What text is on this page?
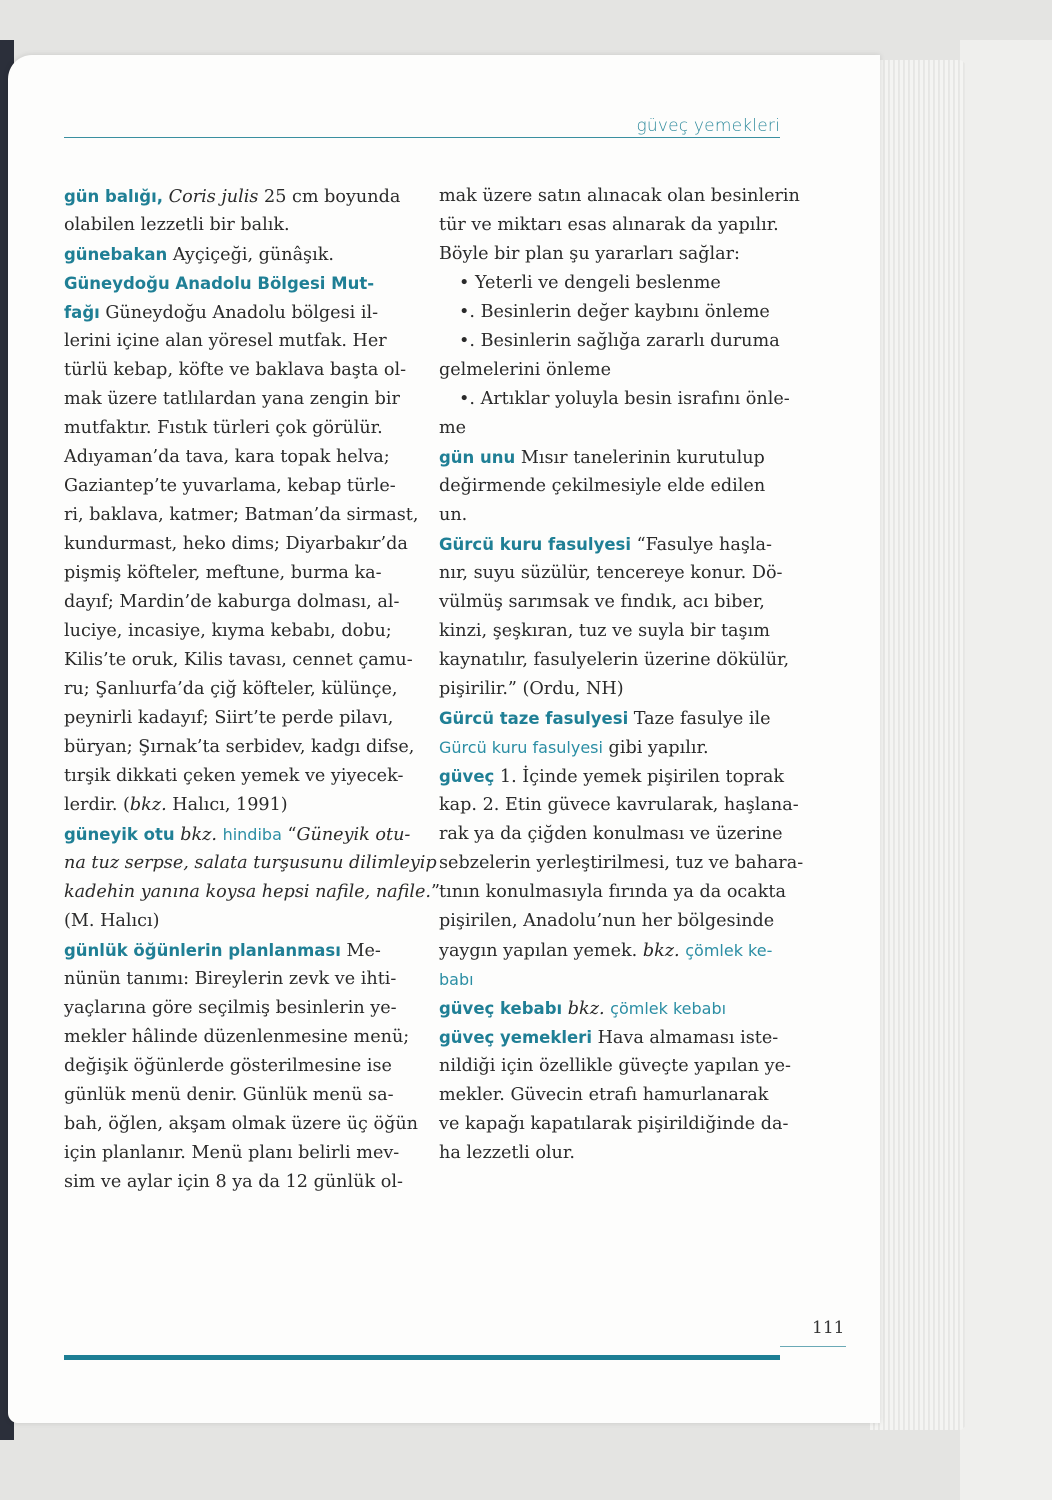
güveç yemekleri
gün balığı, Coris julis 25 cm boyunda
olabilen lezzetli bir balık.
günebakan Ayçiçeği, günâşık.
Güneydoğu Anadolu Bölgesi Mut-
fağı Güneydoğu Anadolu bölgesi il-
lerini içine alan yöresel mutfak. Her
türlü kebap, köfte ve baklava başta ol-
mak üzere tatlılardan yana zengin bir
mutfaktır. Fıstık türleri çok görülür.
Adıyaman’da tava, kara topak helva;
Gaziantep’te yuvarlama, kebap türle-
ri, baklava, katmer; Batman’da sirmast,
kundurmast, heko dims; Diyarbakır’da
pişmiş köfteler, meftune, burma ka-
dayıf; Mardin’de kaburga dolması, al-
luciye, incasiye, kıyma kebabı, dobu;
Kilis’te oruk, Kilis tavası, cennet çamu-
ru; Şanlıurfa’da çiğ köfteler, külünçe,
peynirli kadayıf; Siirt’te perde pilavı,
büryan; Şırnak’ta serbidev, kadgı difse,
tırşik dikkati çeken yemek ve yiyecek-
lerdir. (bkz. Halıcı, 1991)
güneyik otu bkz. hindiba “Güneyik otu-
na tuz serpse, salata turşusunu dilimleyip
kadehin yanına koysa hepsi nafile, nafile.”
(M. Halıcı)
günlük öğünlerin planlanması Me-
nünün tanımı: Bireylerin zevk ve ihti-
yaçlarına göre seçilmiş besinlerin ye-
mekler hâlinde düzenlenmesine menü;
değişik öğünlerde gösterilmesine ise
günlük menü denir. Günlük menü sa-
bah, öğlen, akşam olmak üzere üç öğün
için planlanır. Menü planı belirli mev-
sim ve aylar için 8 ya da 12 günlük ol-
mak üzere satın alınacak olan besinlerin
tür ve miktarı esas alınarak da yapılır.
Böyle bir plan şu yararları sağlar:
• Yeterli ve dengeli beslenme
•. Besinlerin değer kaybını önleme
•. Besinlerin sağlığa zararlı duruma
gelmelerini önleme
•. Artıklar yoluyla besin israfını önle-
me
gün unu Mısır tanelerinin kurutulup
değirmende çekilmesiyle elde edilen
un.
Gürcü kuru fasulyesi “Fasulye haşla-
nır, suyu süzülür, tencereye konur. Dö-
vülmüş sarımsak ve fındık, acı biber,
kinzi, şeşkıran, tuz ve suyla bir taşım
kaynatılır, fasulyelerin üzerine dökülür,
pişirilir.” (Ordu, NH)
Gürcü taze fasulyesi Taze fasulye ile
Gürcü kuru fasulyesi gibi yapılır.
güveç 1. İçinde yemek pişirilen toprak
kap. 2. Etin güvece kavrularak, haşlana-
rak ya da çiğden konulması ve üzerine
sebzelerin yerleştirilmesi, tuz ve bahara-
tının konulmasıyla fırında ya da ocakta
pişirilen, Anadolu’nun her bölgesinde
yaygın yapılan yemek. bkz. çömlek ke-
babı
güveç kebabı bkz. çömlek kebabı
güveç yemekleri Hava almaması iste-
nildiği için özellikle güveçte yapılan ye-
mekler. Güvecin etrafı hamurlanarak
ve kapağı kapatılarak pişirildiğinde da-
ha lezzetli olur.
111
